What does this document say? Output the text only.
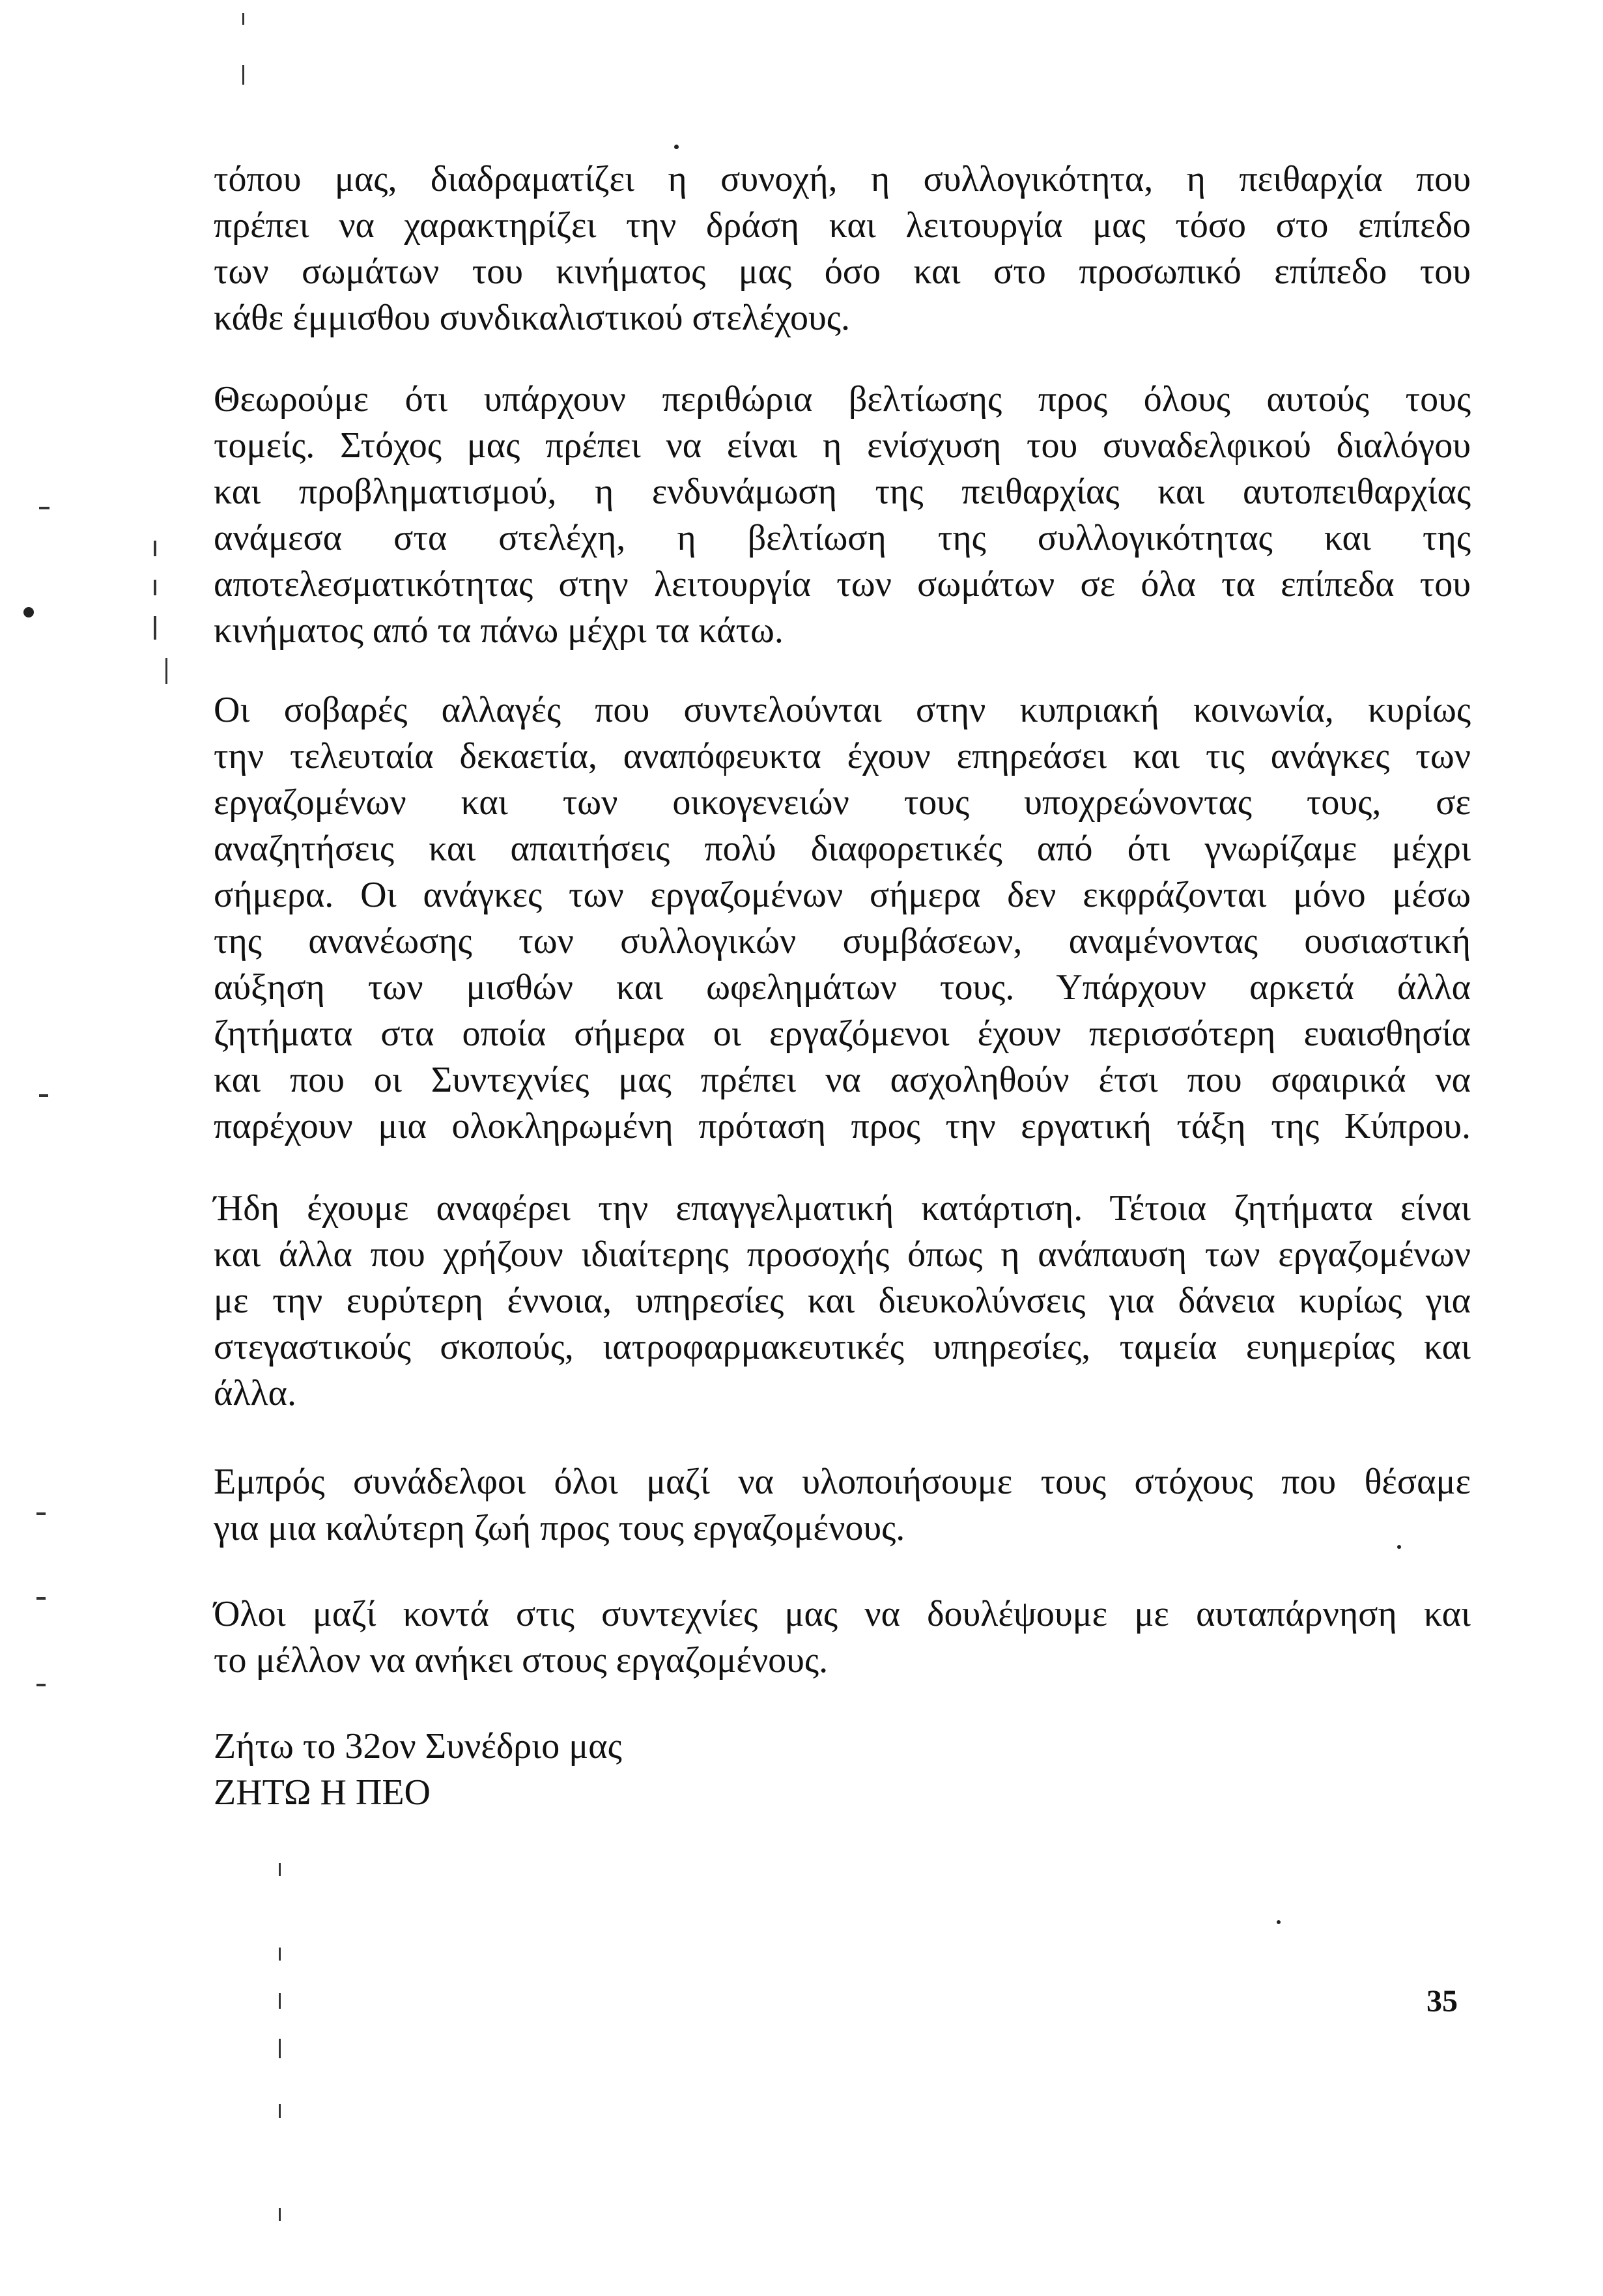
τόπου μας, διαδραματίζει η συνοχή, η συλλογικότητα, η πειθαρχία που
πρέπει να χαρακτηρίζει την δράση και λειτουργία μας τόσο στο επίπεδο
των σωμάτων του κινήματος μας όσο και στο προσωπικό επίπεδο του
κάθε έμμισθου συνδικαλιστικού στελέχους.
Θεωρούμε ότι υπάρχουν περιθώρια βελτίωσης προς όλους αυτούς τους
τομείς. Στόχος μας πρέπει να είναι η ενίσχυση του συναδελφικού διαλόγου
και προβληματισμού, η ενδυνάμωση της πειθαρχίας και αυτοπειθαρχίας
ανάμεσα στα στελέχη, η βελτίωση της συλλογικότητας και της
αποτελεσματικότητας στην λειτουργία των σωμάτων σε όλα τα επίπεδα του
κινήματος από τα πάνω μέχρι τα κάτω.
Οι σοβαρές αλλαγές που συντελούνται στην κυπριακή κοινωνία, κυρίως
την τελευταία δεκαετία, αναπόφευκτα έχουν επηρεάσει και τις ανάγκες των
εργαζομένων και των οικογενειών τους υποχρεώνοντας τους, σε
αναζητήσεις και απαιτήσεις πολύ διαφορετικές από ότι γνωρίζαμε μέχρι
σήμερα. Οι ανάγκες των εργαζομένων σήμερα δεν εκφράζονται μόνο μέσω
της ανανέωσης των συλλογικών συμβάσεων, αναμένοντας ουσιαστική
αύξηση των μισθών και ωφελημάτων τους. Υπάρχουν αρκετά άλλα
ζητήματα στα οποία σήμερα οι εργαζόμενοι έχουν περισσότερη ευαισθησία
και που οι Συντεχνίες μας πρέπει να ασχοληθούν έτσι που σφαιρικά να
παρέχουν μια ολοκληρωμένη πρόταση προς την εργατική τάξη της Κύπρου.
Ήδη έχουμε αναφέρει την επαγγελματική κατάρτιση. Τέτοια ζητήματα είναι
και άλλα που χρήζουν ιδιαίτερης προσοχής όπως η ανάπαυση των εργαζομένων
με την ευρύτερη έννοια, υπηρεσίες και διευκολύνσεις για δάνεια κυρίως για
στεγαστικούς σκοπούς, ιατροφαρμακευτικές υπηρεσίες, ταμεία ευημερίας και
άλλα.
Εμπρός συνάδελφοι όλοι μαζί να υλοποιήσουμε τους στόχους που θέσαμε
για μια καλύτερη ζωή προς τους εργαζομένους.
Όλοι μαζί κοντά στις συντεχνίες μας να δουλέψουμε με αυταπάρνηση και
το μέλλον να ανήκει στους εργαζομένους.
Ζήτω το 32ον Συνέδριο μας
ΖΗΤΩ Η ΠΕΟ
35
